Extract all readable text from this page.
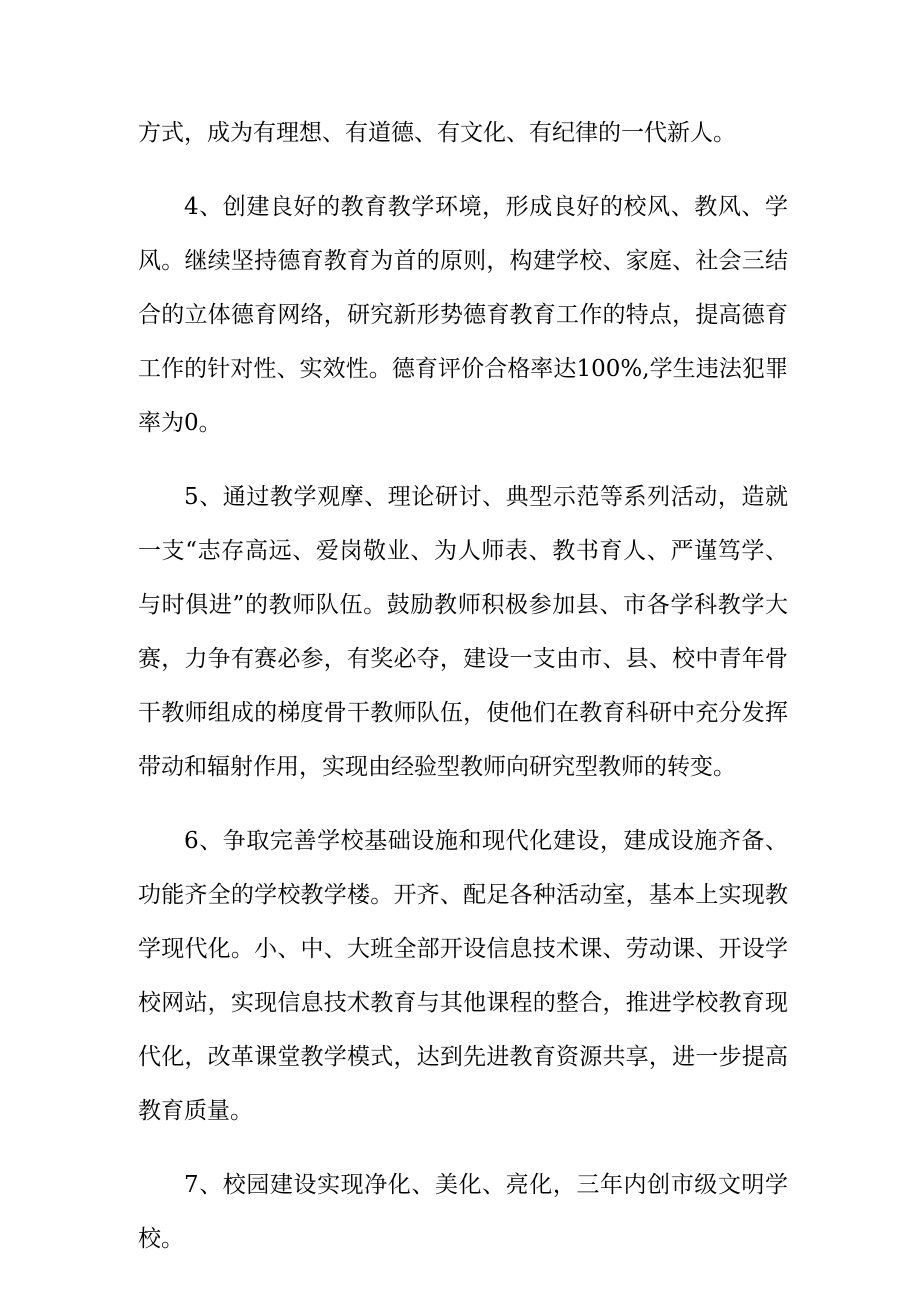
方式，成为有理想、有道德、有文化、有纪律的一代新人。

4、创建良好的教育教学环境，形成良好的校风、教风、学风。继续坚持德育教育为首的原则，构建学校、家庭、社会三结合的立体德育网络，研究新形势德育教育工作的特点，提高德育工作的针对性、实效性。德育评价合格率达100%,学生违法犯罪率为0。

5、通过教学观摩、理论研讨、典型示范等系列活动，造就一支“志存高远、爱岗敬业、为人师表、教书育人、严谨笃学、与时俱进”的教师队伍。鼓励教师积极参加县、市各学科教学大赛，力争有赛必参，有奖必夺，建设一支由市、县、校中青年骨干教师组成的梯度骨干教师队伍，使他们在教育科研中充分发挥带动和辐射作用，实现由经验型教师向研究型教师的转变。

6、争取完善学校基础设施和现代化建设，建成设施齐备、功能齐全的学校教学楼。开齐、配足各种活动室，基本上实现教学现代化。小、中、大班全部开设信息技术课、劳动课、开设学校网站，实现信息技术教育与其他课程的整合，推进学校教育现代化，改革课堂教学模式，达到先进教育资源共享，进一步提高教育质量。

7、校园建设实现净化、美化、亮化，三年内创市级文明学校。
